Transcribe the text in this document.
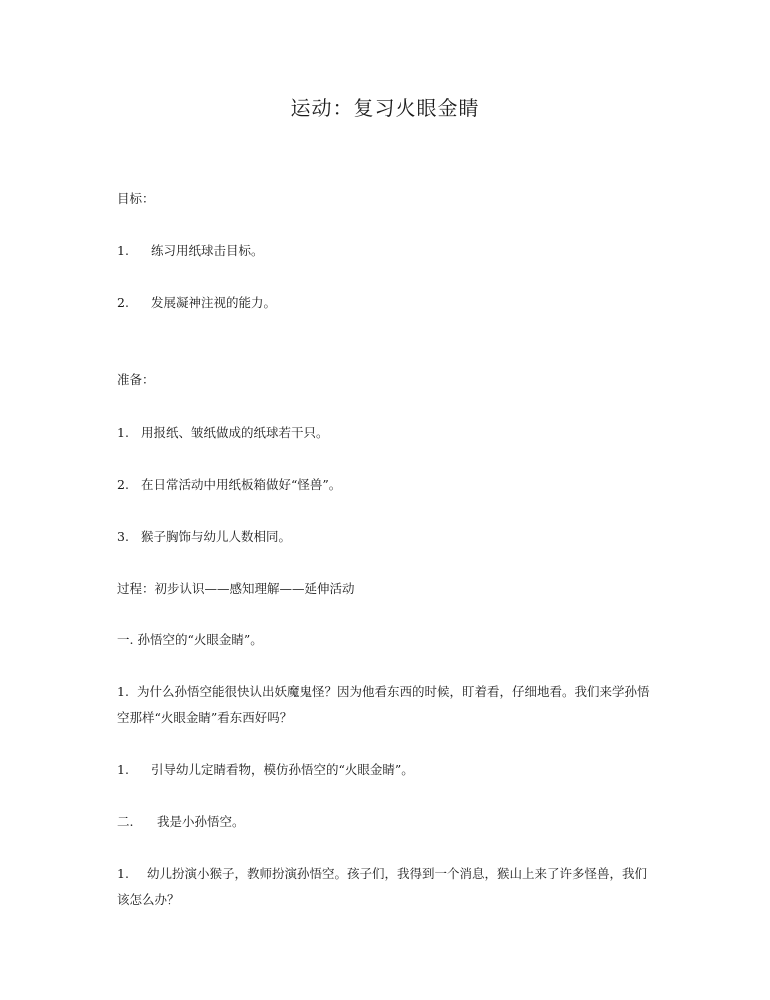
运动：复习火眼金睛
目标：
1. 练习用纸球击目标。
2. 发展凝神注视的能力。
准备：
1. 用报纸、皱纸做成的纸球若干只。
2. 在日常活动中用纸板箱做好“怪兽”。
3. 猴子胸饰与幼儿人数相同。
过程：初步认识——感知理解——延伸活动
一. 孙悟空的“火眼金睛”。
1. 为什么孙悟空能很快认出妖魔鬼怪？因为他看东西的时候，盯着看，仔细地看。我们来学孙悟空那样“火眼金睛”看东西好吗？
1. 引导幼儿定睛看物，模仿孙悟空的“火眼金睛”。
二. 我是小孙悟空。
1. 幼儿扮演小猴子，教师扮演孙悟空。孩子们，我得到一个消息，猴山上来了许多怪兽，我们该怎么办？
